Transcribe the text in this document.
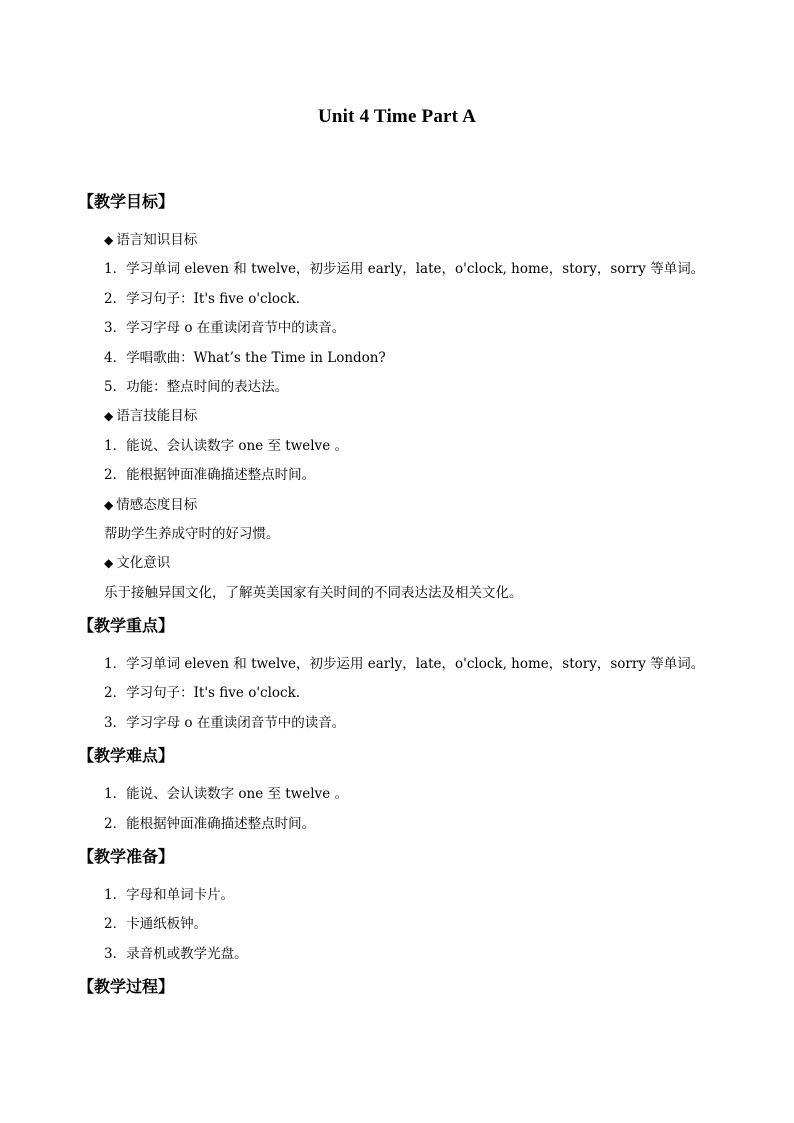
Unit 4 Time Part A
【教学目标】
◆ 语言知识目标
1．学习单词 eleven 和 twelve，初步运用 early，late，o'clock, home，story，sorry 等单词。
2．学习句子：It's five o'clock.
3．学习字母 o 在重读闭音节中的读音。
4．学唱歌曲：What’s the Time in London?
5．功能：整点时间的表达法。
◆ 语言技能目标
1．能说、会认读数字 one 至 twelve 。
2．能根据钟面准确描述整点时间。
◆ 情感态度目标
帮助学生养成守时的好习惯。
◆ 文化意识
乐于接触异国文化，了解英美国家有关时间的不同表达法及相关文化。
【教学重点】
1．学习单词 eleven 和 twelve，初步运用 early，late，o'clock, home，story，sorry 等单词。
2．学习句子：It's five o'clock.
3．学习字母 o 在重读闭音节中的读音。
【教学难点】
1．能说、会认读数字 one 至 twelve 。
2．能根据钟面准确描述整点时间。
【教学准备】
1．字母和单词卡片。
2．卡通纸板钟。
3．录音机或教学光盘。
【教学过程】
